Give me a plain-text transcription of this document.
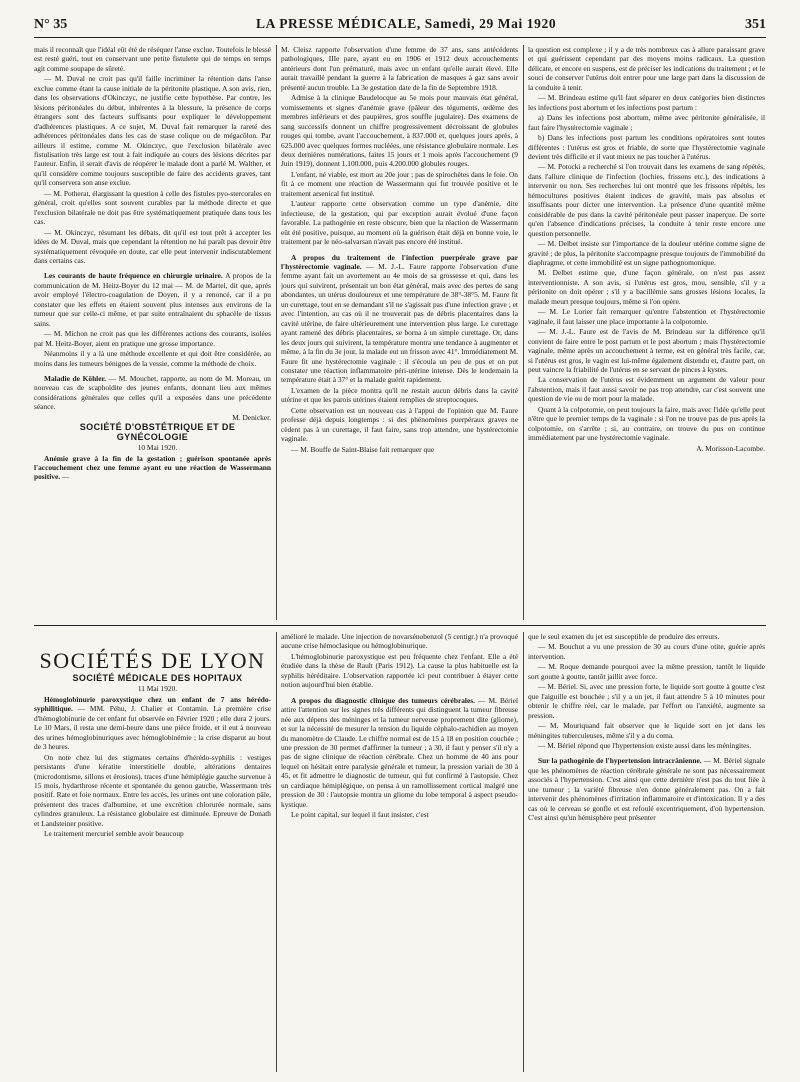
N° 35	LA PRESSE MÉDICALE, Samedi, 29 Mai 1920	351

mais il reconnaît que l'idéal eût été de réséquer l'anse exclue. Toutefois le blessé est resté guéri, tout en conservant une petite fistulette qui de temps en temps agit comme soupape de sûreté.

— M. Duval ne croit pas qu'il faille incriminer la rétention dans l'anse exclue comme étant la cause initiale de la péritonite plastique. A son avis, rien, dans les observations d'Okinczyc, ne justifie cette hypothèse. Par contre, les lésions péritonéales du début, inhérentes à la blessure, la présence de corps étrangers sont des facteurs suffisants pour expliquer le développement d'adhérences plastiques. A ce sujet, M. Duval fait remarquer la rareté des adhérences péritonéales dans les cas de stase colique ou de mégacôlon. Par ailleurs il estime, comme M. Okinczyc, que l'exclusion bilatérale avec fistulisation très large est tout à fait indiquée au cours des lésions décrites par l'auteur. Enfin, il serait d'avis de réopérer le malade dont a parlé M. Walther, et qu'il considère comme toujours susceptible de faire des accidents graves, tant qu'il conservera son anse exclue.

— M. Potherat, élargissant la question à celle des fistules pyo-stercorales en général, croit qu'elles sont souvent curables par la méthode directe et que l'exclusion bilatérale ne doit pas être systématiquement pratiquée dans tous les cas.

— M. Okinczyc, résumant les débats, dit qu'il est tout prêt à accepter les idées de M. Duval, mais que cependant la rétention ne lui paraît pas devoir être systématiquement révoquée en doute, car elle peut intervenir indiscutablement dans certains cas.

Les courants de haute fréquence en chirurgie urinaire. A propos de la communication de M. Heitz-Boyer du 12 mai — M. de Martel, dit que, après avoir employé l'électro-coagulation de Doyen, il y a renoncé, car il a pu constater que les effets en étaient souvent plus intenses aux environs de la tumeur que sur celle-ci même, et par suite entraînaient du sphacèle de tissus sains.

— M. Michon ne croit pas que les différentes actions des courants, isolées par M. Heitz-Boyer, aient en pratique une grosse importance.

Néanmoins il y a là une méthode excellente et qui doit être considérée, au moins dans les tumeurs bénignes de la vessie, comme la méthode de choix.

Maladie de Köhler. — M. Mouchet, rapporte, au nom de M. Moreau, un nouveau cas de scaphoïdite des jeunes enfants, donnant lieu aux mêmes considérations générales que celles qu'il a exposées dans une précédente séance.

M. Denicker.

SOCIÉTÉ D'OBSTÉTRIQUE ET DE GYNÉCOLOGIE

10 Mai 1920.

Anémie grave à la fin de la gestation ; guérison spontanée après l'accouchement chez une femme ayant eu une réaction de Wassermann positive. —

M. Cleisz rapporte l'observation d'une femme de 37 ans, sans antécédents pathologiques, IIIe pare, ayant eu en 1906 et 1912 deux accouchements antérieurs dont l'un prématuré, mais avec un enfant qu'elle aurait élevé. Elle aurait travaillé pendant la guerre à la fabrication de masques à gaz sans avoir présenté aucun trouble. La 3e gestation date de la fin de Septembre 1918.

Admise à la clinique Baudelocque au 5e mois pour mauvais état général, vomissements et signes d'anémie grave (pâleur des téguments, œdème des membres inférieurs et des paupières, gros souffle jugulaire). Des examens de sang successifs donnent un chiffre progressivement décroissant de globules rouges qui tombe, avant l'accouchement, à 837.000 et, quelques jours après, à 625.000 avec quelques formes nucléées, une résistance globulaire normale. Les deux dernières numérations, faites 15 jours et 1 mois après l'accouchement (9 Juin 1919), donnent 1.100.000, puis 4.200.000 globules rouges.

L'enfant, né viable, est mort au 20e jour ; pas de spirochètes dans le foie. On fit à ce moment une réaction de Wassermann qui fut trouvée positive et le traitement arsenical fut institué.

L'auteur rapporte cette observation comme un type d'anémie, dite infectieuse, de la gestation, qui par exception aurait évolué d'une façon favorable. La pathogénie en reste obscure, bien que la réaction de Wassermann eût été positive, puisque, au moment où la guérison était déjà en bonne voie, le traitement par le néo-salvarsan n'avait pas encore été institué.

A propos du traitement de l'infection puerpérale grave par l'hystérectomie vaginale. — M. J.-L. Faure rapporte l'observation d'une femme ayant fait un avortement au 4e mois de sa grossesse et qui, dans les jours qui suivirent, présentait un bon état général, mais avec des pertes de sang abondantes, un utérus douloureux et une température de 38°-38°5. M. Faure fit un curettage, tout en se demandant s'il ne s'agissait pas d'une infection grave ; et avec l'intention, au cas où il ne trouverait pas de débris placentaires dans la cavité utérine, de faire ultérieurement une intervention plus large. Le curettage ayant ramené des débris placentaires, se borna à un simple curettage. Or, dans les deux jours qui suivirent, la température montra une tendance à augmenter et même, à la fin du 3e jour, la malade eut un frisson avec 41°. Immédiatement M. Faure fit une hystérectomie vaginale : il s'écoula un peu de pus et on put constater une réaction inflammatoire péri-utérine intense. Dès le lendemain la température était à 37° et la malade guérit rapidement.

L'examen de la pièce montra qu'il ne restait aucun débris dans la cavité utérine et que les parois utérines étaient remplies de streptocoques.

Cette observation est un nouveau cas à l'appui de l'opinion que M. Faure professe déjà depuis longtemps : si des phénomènes puerpéraux graves ne cèdent pas à un curettage, il faut faire, sans trop attendre, une hystérectomie vaginale.

— M. Bouffe de Saint-Blaise fait remarquer que

la question est complexe ; il y a de très nombreux cas à allure paraissant grave et qui guérissent cependant par des moyens moins radicaux. La question délicate, et encore en suspens, est de préciser les indications du traitement ; et le souci de conserver l'utérus doit entrer pour une large part dans la discussion de la conduite à tenir.

— M. Brindeau estime qu'il faut séparer en deux catégories bien distinctes les infections post abortum et les infections post partum :

a) Dans les infections post abortum, même avec péritonite généralisée, il faut faire l'hystérectomie vaginale ;

b) Dans les infections post partum les conditions opératoires sont toutes différentes : l'utérus est gros et friable, de sorte que l'hystérectomie vaginale devient très difficile et il vaut mieux ne pas toucher à l'utérus.

— M. Potocki a recherché si l'on trouvait dans les examens de sang répétés, dans l'allure clinique de l'infection (lochies, frissons etc.), des indications à intervenir ou non. Ses recherches lui ont montré que les frissons répétés, les hémocultures positives étaient indices de gravité, mais pas absolus et insuffisants pour dicter une intervention. La présence d'une quantité même considérable de pus dans la cavité péritonéale peut passer inaperçue. De sorte qu'en l'absence d'indications précises, la conduite à tenir reste encore une question personnelle.

— M. Delbet insiste sur l'importance de la douleur utérine comme signe de gravité ; de plus, la péritonite s'accompagne presque toujours de l'immobilité du diaphragme, et cette immobilité est un signe pathognomonique.

M. Delbet estime que, d'une façon générale, on n'est pas assez interventionniste. A son avis, si l'utérus est gros, mou, sensible, s'il y a péritonite on doit opérer ; s'il y a bacillémie sans grosses lésions locales, la malade meurt presque toujours, même si l'on opère.

— M. Le Lorier fait remarquer qu'entre l'abstention et l'hystérectomie vaginale, il faut laisser une place importante à la colpotomie.

— M. J.-L. Faure est de l'avis de M. Brindeau sur la différence qu'il convient de faire entre le post partum et le post abortum ; mais l'hystérectomie vaginale, même après un accouchement à terme, est en général très facile, car, si l'utérus est gros, le vagin est lui-même également distendu et, d'autre part, on peut vaincre la friabilité de l'utérus en se servant de pinces à kystes.

La conservation de l'utérus est évidemment un argument de valeur pour l'abstention, mais il faut aussi savoir ne pas trop attendre, car c'est souvent une question de vie ou de mort pour la malade.

Quant à la colpotomie, on peut toujours la faire, mais avec l'idée qu'elle peut n'être que le premier temps de la vaginale : si l'on ne trouve pas de pus après la colpotomie, on s'arrête ; si, au contraire, on trouve du pus on continue immédiatement par une hystérectomie vaginale.

A. Morisson-Lacombe.

SOCIÉTÉS DE LYON

SOCIÉTÉ MÉDICALE DES HOPITAUX

11 Mai 1920.

Hémoglobinurie paroxystique chez un enfant de 7 ans hérédo-syphilitique. — MM. Péhu, J. Chalier et Contamin. La première crise d'hémoglobinurie de cet enfant fut observée en Février 1920 ; elle dura 2 jours. Le 10 Mars, il resta une demi-heure dans une pièce froide, et il eut à nouveau des urines hémoglobinuriques avec hémoglobinémie ; la crise disparut au bout de 3 heures.

On note chez lui des stigmates certains d'hérédo-syphilis : vestiges persistants d'une kératite interstitielle double, altérations dentaires (microdontisme, sillons et érosions), traces d'une hémiplégie gauche survenue à 15 mois, hydarthrose récente et spontanée du genou gauche, Wassermann très positif. Rate et foie normaux. Entre les accès, les urines ont une coloration pâle, présentent des traces d'albumine, et une excrétion chlorurée normale, sans cylindres granuleux. La résistance globulaire est diminuée. Epreuve de Donath et Landsteiner positive.

Le traitement mercuriel semble avoir beaucoup

amélioré le malade. Une injection de novarsénobenzol (5 centigr.) n'a provoqué aucune crise hémoclasique ou hémoglobinurique.

L'hémoglobinurie paroxystique est peu fréquente chez l'enfant. Elle a été étudiée dans la thèse de Rault (Paris 1912). La cause la plus habituelle est la syphilis héréditaire. L'observation rapportée ici peut contribuer à étayer cette notion aujourd'hui bien établie.

A propos du diagnostic clinique des tumeurs cérébrales. — M. Bériel attire l'attention sur les signes très différents qui distinguent la tumeur fibreuse née aux dépens des méninges et la tumeur nerveuse proprement dite (gliome), et sur la nécessité de mesurer la tension du liquide céphalo-rachidien au moyen du manomètre de Claude. Le chiffre normal est de 15 à 18 en position couchée ; une pression de 30 permet d'affirmer la tumeur ; à 30, il faut y penser s'il n'y a pas de signe clinique de réaction cérébrale. Chez un homme de 40 ans pour lequel on hésitait entre paralysie générale et tumeur, la pression variait de 30 à 45, et fit admettre le diagnostic de tumeur, qui fut confirmé à l'autopsie. Chez un cardiaque hémiplégique, on pensa à un ramollissement cortical malgré une pression de 30 : l'autopsie montra un gliome du lobe temporal à aspect pseudo-kystique.

Le point capital, sur lequel il faut insister, c'est

que le seul examen du jet est susceptible de produire des erreurs.

— M. Bouchut a vu une pression de 30 au cours d'une otite, guérie après intervention.

— M. Roque demande pourquoi avec la même pression, tantôt le liquide sort goutte à goutte, tantôt jaillit avec force.

— M. Bériel. Si, avec une pression forte, le liquide sort goutte à goutte c'est que l'aiguille est bouchée ; s'il y a un jet, il faut attendre 5 à 10 minutes pour obtenir le chiffre réel, car le malade, par l'effort ou l'anxiété, augmente sa pression.

— M. Mouriquand fait observer que le liquide sort en jet dans les méningites tuberculeuses, même s'il y a du coma.

— M. Bériel répond que l'hypertension existe aussi dans les méningites.

Sur la pathogénie de l'hypertension intracrânienne. — M. Bériel signale que les phénomènes de réaction cérébrale générale ne sont pas nécessairement associés à l'hypertension. C'est ainsi que cette dernière n'est pas du tout liée à une tumeur ; la variété fibreuse n'en donne généralement pas. On a fait intervenir des phénomènes d'irritation inflammatoire et d'intoxication. Il y a des cas où le cerveau se gonfle et est refoulé excentriquement, d'où hypertension. C'est ainsi qu'un hémisphère peut présenter
